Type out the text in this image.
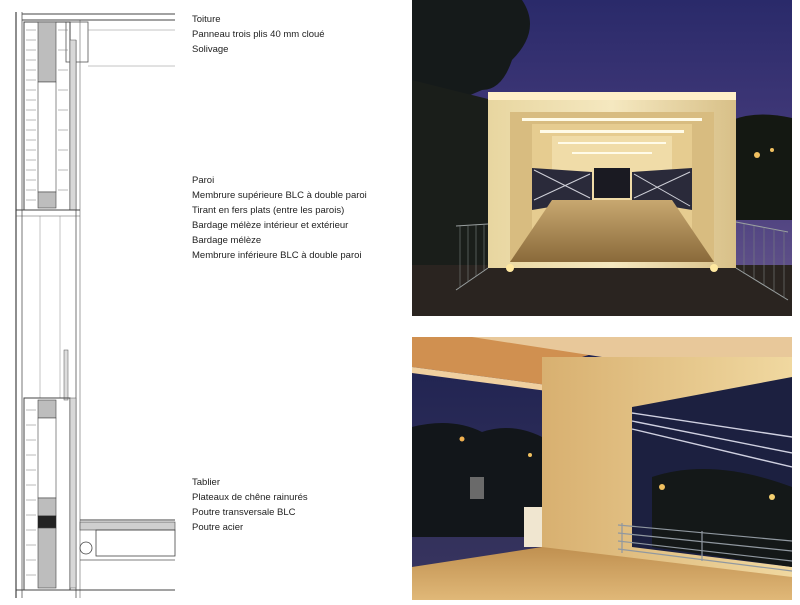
Toiture
Panneau trois plis 40 mm cloué
Solivage
Paroi
Membrure supérieure BLC à double paroi
Tirant en fers plats (entre les parois)
Bardage mélèze intérieur et extérieur
Bardage mélèze
Membrure inférieure BLC à double paroi
Tablier
Plateaux de chêne rainurés
Poutre transversale BLC
Poutre acier
